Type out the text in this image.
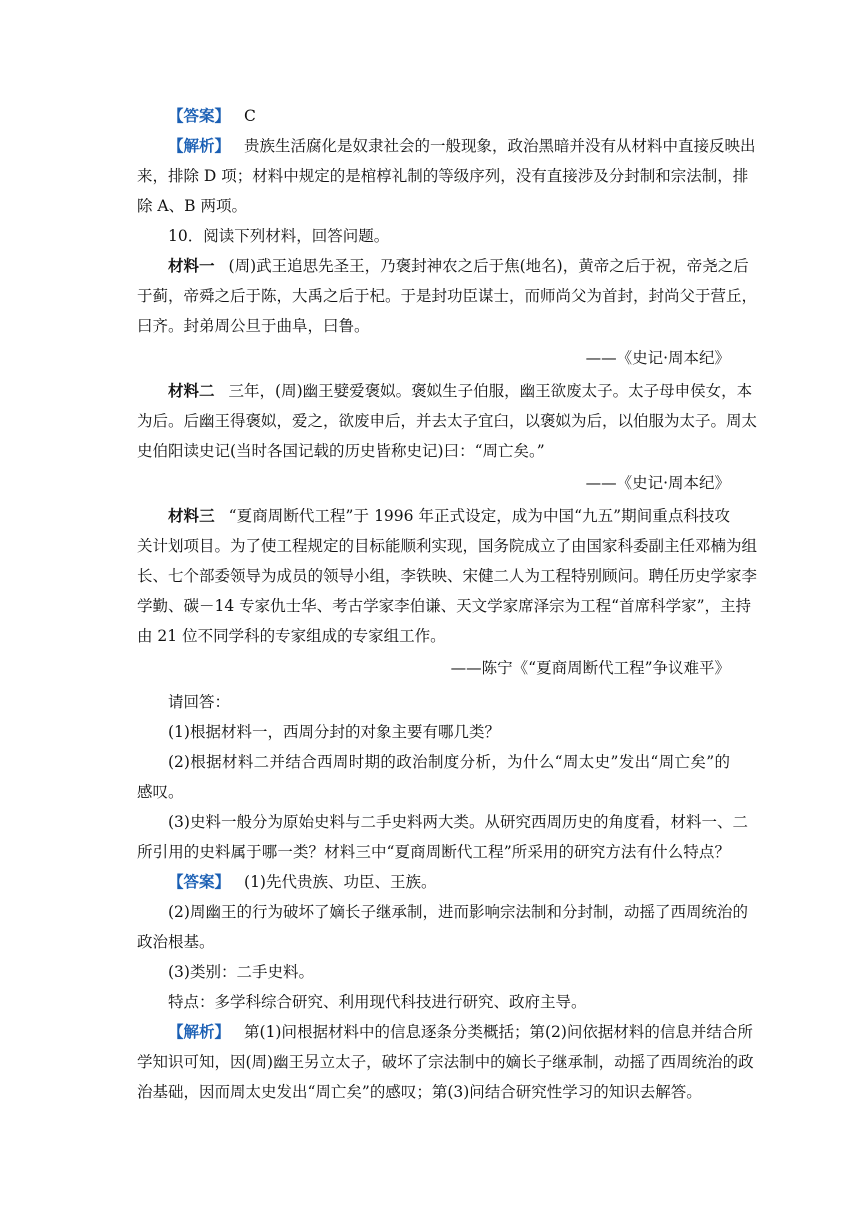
【答案】 C
【解析】 贵族生活腐化是奴隶社会的一般现象，政治黑暗并没有从材料中直接反映出
来，排除 D 项；材料中规定的是棺椁礼制的等级序列，没有直接涉及分封制和宗法制，排
除 A、B 两项。
10．阅读下列材料，回答问题。
材料一 (周)武王追思先圣王，乃褒封神农之后于焦(地名)，黄帝之后于祝，帝尧之后
于蓟，帝舜之后于陈，大禹之后于杞。于是封功臣谋士，而师尚父为首封，封尚父于营丘，
曰齐。封弟周公旦于曲阜，曰鲁。
——《史记·周本纪》
材料二 三年，(周)幽王嬖爱褒姒。褒姒生子伯服，幽王欲废太子。太子母申侯女，本
为后。后幽王得褒姒，爱之，欲废申后，并去太子宜臼，以褒姒为后，以伯服为太子。周太
史伯阳读史记(当时各国记载的历史皆称史记)曰：“周亡矣。”
——《史记·周本纪》
材料三 “夏商周断代工程”于 1996 年正式设定，成为中国“九五”期间重点科技攻
关计划项目。为了使工程规定的目标能顺利实现，国务院成立了由国家科委副主任邓楠为组
长、七个部委领导为成员的领导小组，李铁映、宋健二人为工程特别顾问。聘任历史学家李
学勤、碳－14 专家仇士华、考古学家李伯谦、天文学家席泽宗为工程“首席科学家”，主持
由 21 位不同学科的专家组成的专家组工作。
——陈宁《“夏商周断代工程”争议难平》
请回答：
(1)根据材料一，西周分封的对象主要有哪几类？
(2)根据材料二并结合西周时期的政治制度分析，为什么“周太史”发出“周亡矣”的
感叹。
(3)史料一般分为原始史料与二手史料两大类。从研究西周历史的角度看，材料一、二
所引用的史料属于哪一类？材料三中“夏商周断代工程”所采用的研究方法有什么特点？
【答案】 (1)先代贵族、功臣、王族。
(2)周幽王的行为破坏了嫡长子继承制，进而影响宗法制和分封制，动摇了西周统治的
政治根基。
(3)类别：二手史料。
特点：多学科综合研究、利用现代科技进行研究、政府主导。
【解析】 第(1)问根据材料中的信息逐条分类概括；第(2)问依据材料的信息并结合所
学知识可知，因(周)幽王另立太子，破坏了宗法制中的嫡长子继承制，动摇了西周统治的政
治基础，因而周太史发出“周亡矣”的感叹；第(3)问结合研究性学习的知识去解答。
